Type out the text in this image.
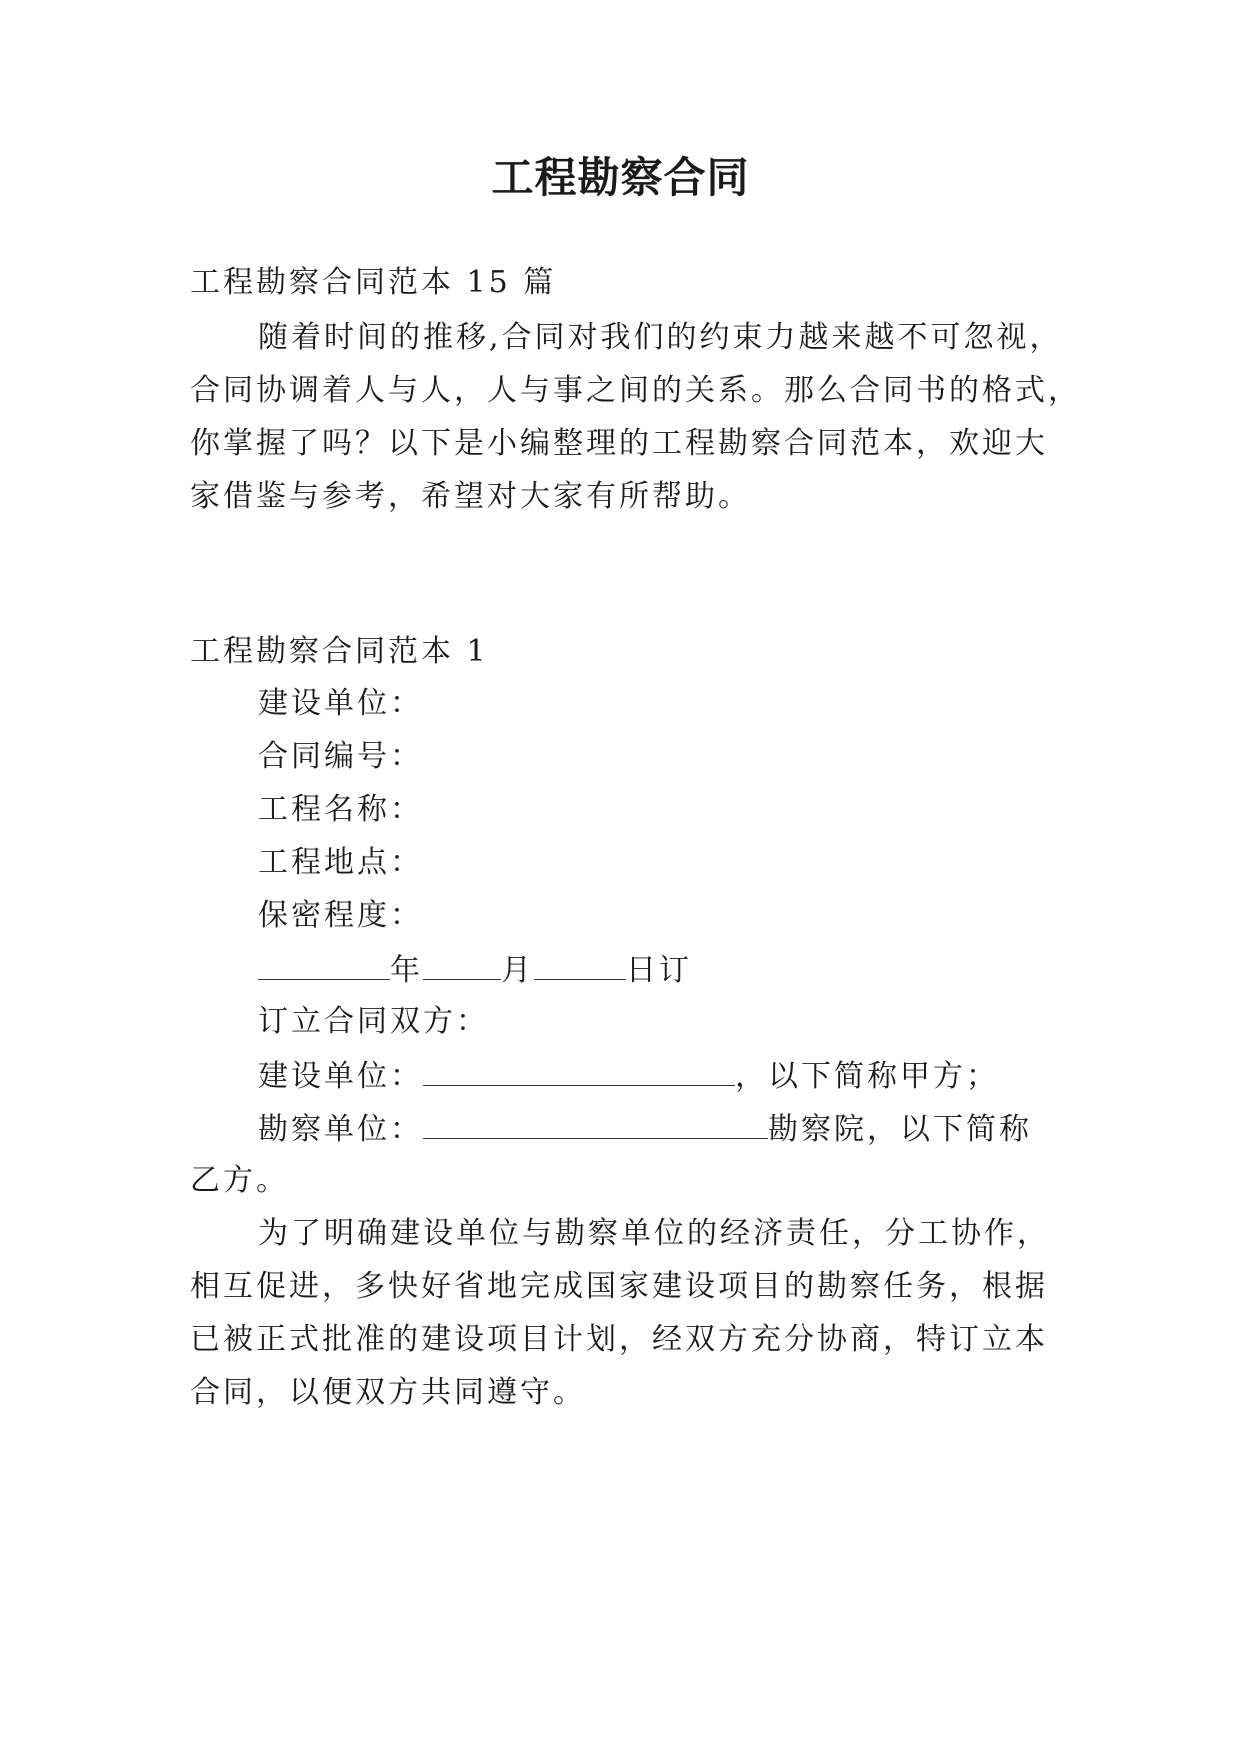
工程勘察合同
工程勘察合同范本 15 篇
随着时间的推移,合同对我们的约束力越来越不可忽视，
合同协调着人与人，人与事之间的关系。那么合同书的格式，
你掌握了吗？以下是小编整理的工程勘察合同范本，欢迎大
家借鉴与参考，希望对大家有所帮助。
工程勘察合同范本 1
建设单位：
合同编号：
工程名称：
工程地点：
保密程度：
年	月	日订
订立合同双方：
建设单位：	，以下简称甲方；
勘察单位：	勘察院，以下简称
乙方。
为了明确建设单位与勘察单位的经济责任，分工协作，
相互促进，多快好省地完成国家建设项目的勘察任务，根据
已被正式批准的建设项目计划，经双方充分协商，特订立本
合同，以便双方共同遵守。
